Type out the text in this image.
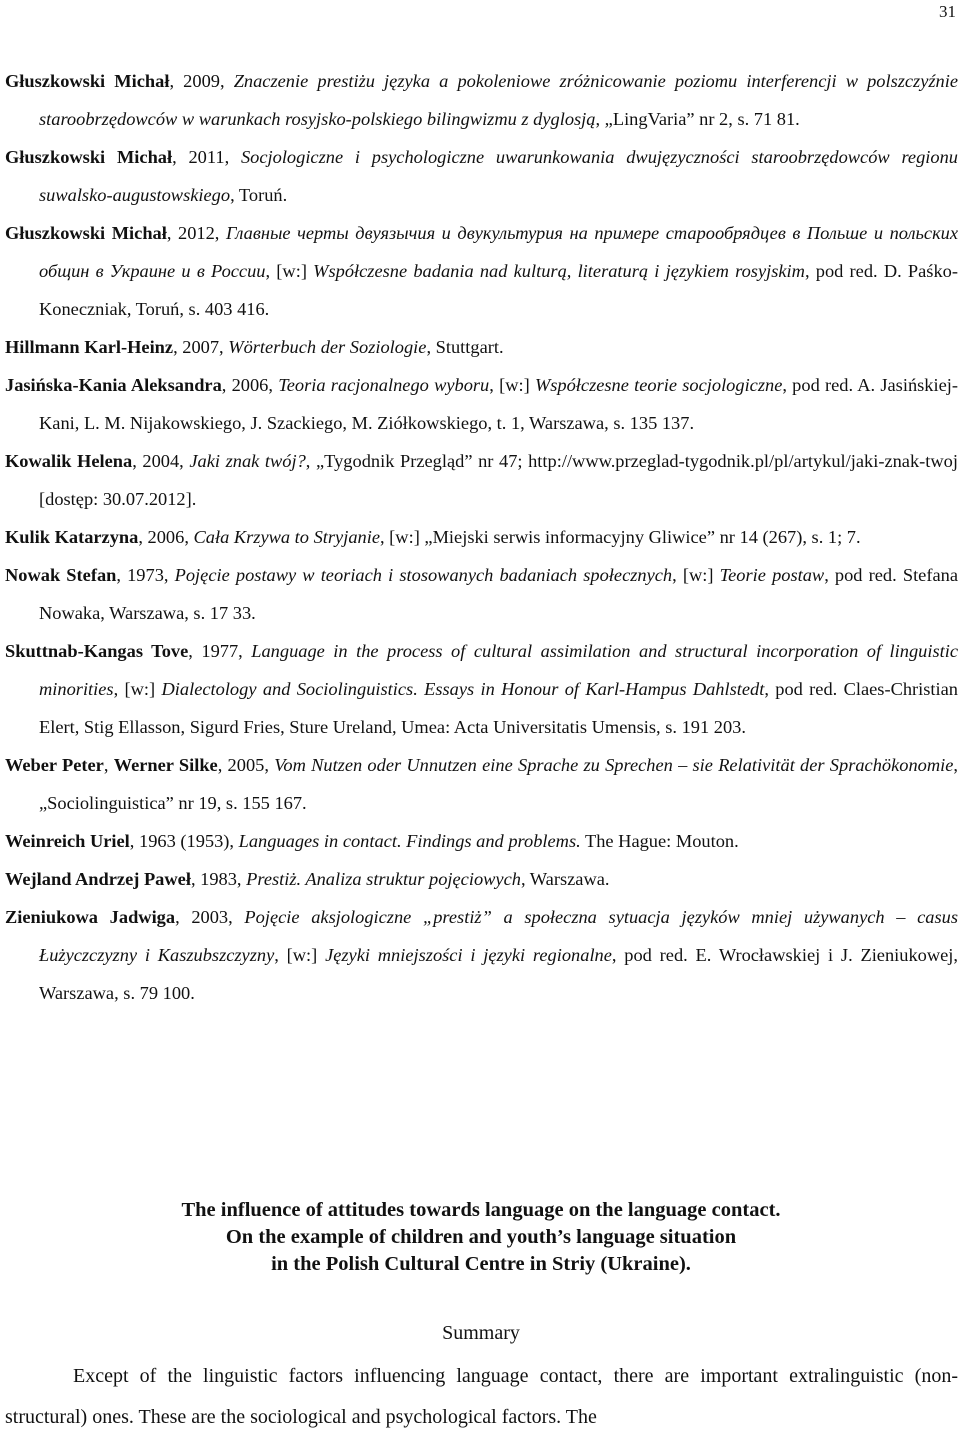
31

Głuszkowski Michał, 2009, Znaczenie prestiżu języka a pokoleniowe zróżnicowanie poziomu interferencji w polszczyźnie staroobrzędowców w warunkach rosyjsko-polskiego bilingwizmu z dyglosją, „LingVaria” nr 2, s. 71 81.

Głuszkowski Michał, 2011, Socjologiczne i psychologiczne uwarunkowania dwujęzyczności staroobrzędowców regionu suwalsko-augustowskiego, Toruń.

Głuszkowski Michał, 2012, Главные черты двуязычия и двукультурия на примере старообрядцев в Польше и польских общин в Украине и в России, [w:] Współczesne badania nad kulturą, literaturą i językiem rosyjskim, pod red. D. Paśko-Koneczniak, Toruń, s. 403 416.

Hillmann Karl-Heinz, 2007, Wörterbuch der Soziologie, Stuttgart.

Jasińska-Kania Aleksandra, 2006, Teoria racjonalnego wyboru, [w:] Współczesne teorie socjologiczne, pod red. A. Jasińskiej-Kani, L. M. Nijakowskiego, J. Szackiego, M. Ziółkowskiego, t. 1, Warszawa, s. 135 137.

Kowalik Helena, 2004, Jaki znak twój?, „Tygodnik Przegląd” nr 47; http://www.przeglad-tygodnik.pl/pl/artykul/jaki-znak-twoj [dostęp: 30.07.2012].

Kulik Katarzyna, 2006, Cała Krzywa to Stryjanie, [w:] „Miejski serwis informacyjny Gliwice” nr 14 (267), s. 1; 7.

Nowak Stefan, 1973, Pojęcie postawy w teoriach i stosowanych badaniach społecznych, [w:] Teorie postaw, pod red. Stefana Nowaka, Warszawa, s. 17 33.

Skuttnab-Kangas Tove, 1977, Language in the process of cultural assimilation and structural incorporation of linguistic minorities, [w:] Dialectology and Sociolinguistics. Essays in Honour of Karl-Hampus Dahlstedt, pod red. Claes-Christian Elert, Stig Ellasson, Sigurd Fries, Sture Ureland, Umea: Acta Universitatis Umensis, s. 191 203.

Weber Peter, Werner Silke, 2005, Vom Nutzen oder Unnutzen eine Sprache zu Sprechen – sie Relativität der Sprachökonomie, „Sociolinguistica” nr 19, s. 155 167.

Weinreich Uriel, 1963 (1953), Languages in contact. Findings and problems. The Hague: Mouton.

Wejland Andrzej Paweł, 1983, Prestiż. Analiza struktur pojęciowych, Warszawa.

Zieniukowa Jadwiga, 2003, Pojęcie aksjologiczne „prestiż” a społeczna sytuacja języków mniej używanych – casus Łużyczczyzny i Kaszubszczyzny, [w:] Języki mniejszości i języki regionalne, pod red. E. Wrocławskiej i J. Zieniukowej, Warszawa, s. 79 100.

The influence of attitudes towards language on the language contact.
On the example of children and youth’s language situation
in the Polish Cultural Centre in Striy (Ukraine).
Summary
Except of the linguistic factors influencing language contact, there are important extralinguistic (non-structural) ones. These are the sociological and psychological factors. The
